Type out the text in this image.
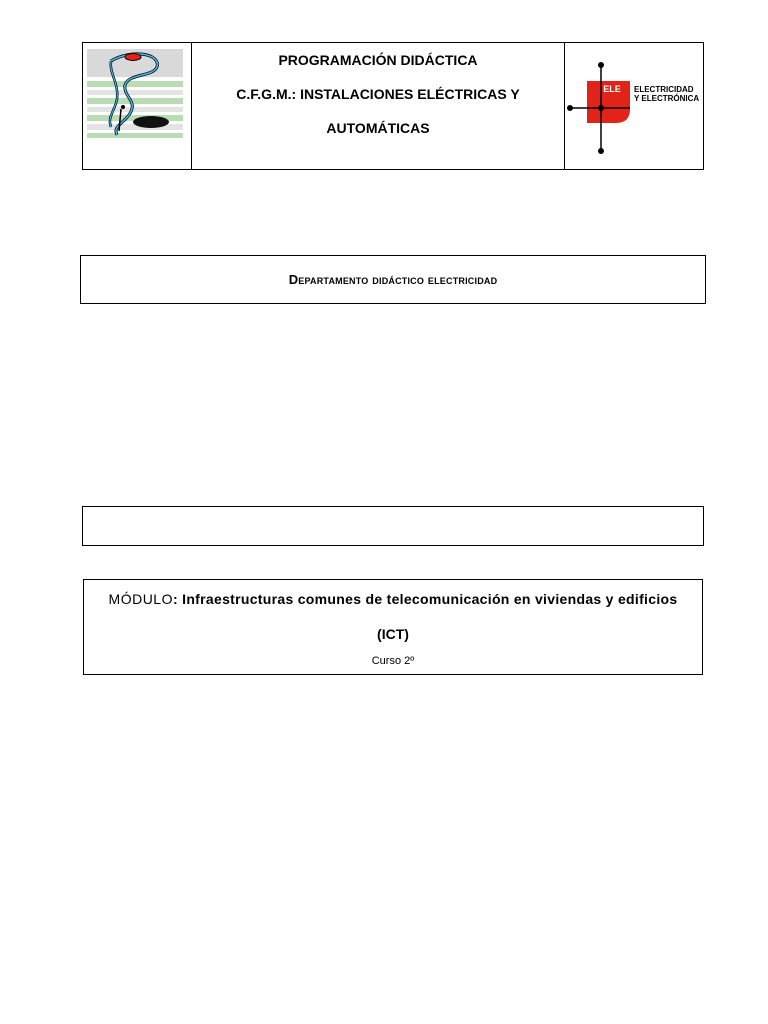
PROGRAMACIÓN DIDÁCTICA
C.F.G.M.: INSTALACIONES ELÉCTRICAS Y
AUTOMÁTICAS
ELE ELECTRICIDAD
Y ELECTRÓNICA
Departamento didáctico electricidad
MÓDULO: Infraestructuras comunes de telecomunicación en viviendas y edificios
(ICT)
Curso 2º
